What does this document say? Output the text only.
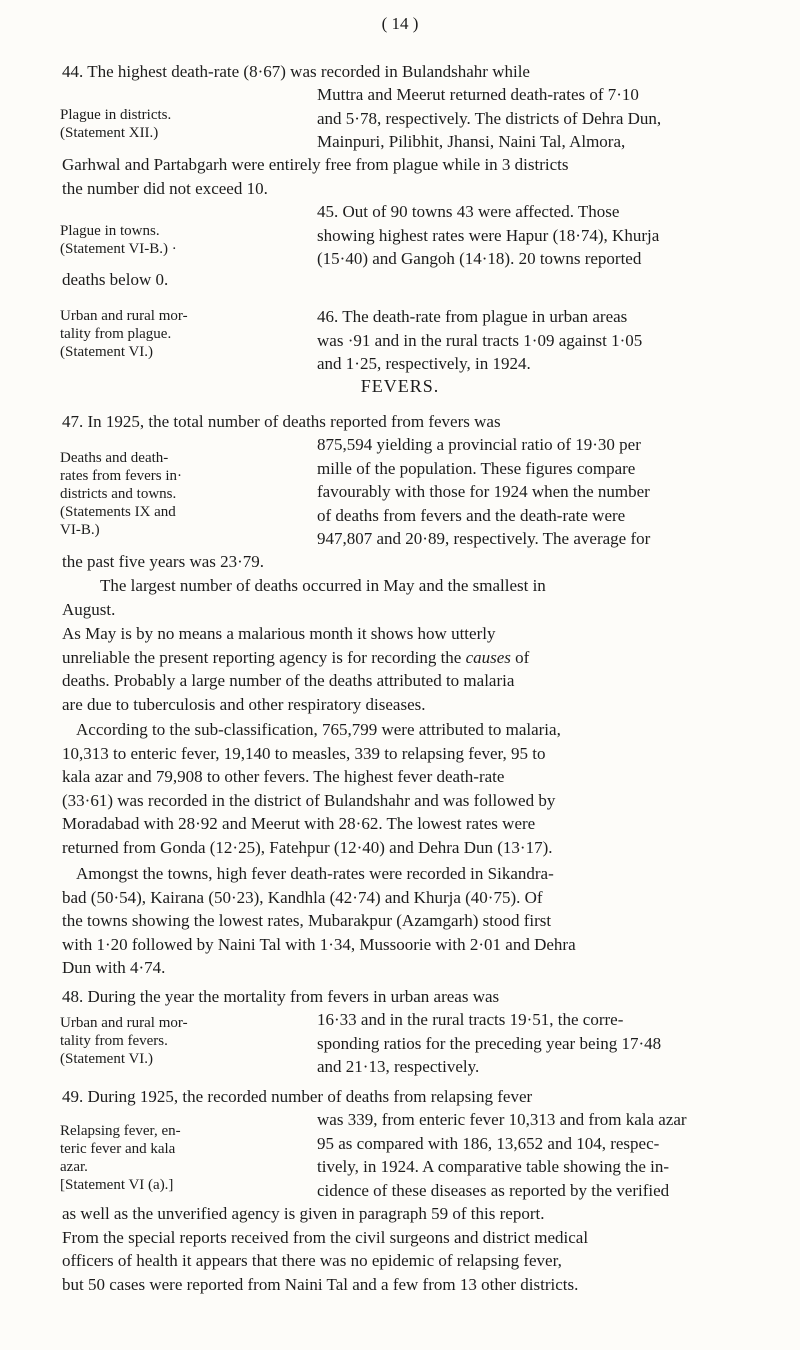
( 14 )
44. The highest death-rate (8·67) was recorded in Bulandshahr while
Muttra and Meerut returned death-rates of 7·10
and 5·78, respectively. The districts of Dehra Dun,
Mainpuri, Pilibhit, Jhansi, Naini Tal, Almora,
Plague in districts.
(Statement XII.)
Garhwal and Partabgarh were entirely free from plague while in 3 districts
the number did not exceed 10.
45. Out of 90 towns 43 were affected. Those
showing highest rates were Hapur (18·74), Khurja
(15·40) and Gangoh (14·18). 20 towns reported
Plague in towns.
(Statement VI-B.) ·
deaths below 0.
46. The death-rate from plague in urban areas
was ·91 and in the rural tracts 1·09 against 1·05
and 1·25, respectively, in 1924.
Urban and rural mor-
tality from plague.
(Statement VI.)
FEVERS.
47. In 1925, the total number of deaths reported from fevers was
875,594 yielding a provincial ratio of 19·30 per
mille of the population. These figures compare
favourably with those for 1924 when the number
of deaths from fevers and the death-rate were
947,807 and 20·89, respectively. The average for
Deaths and death-
rates from fevers in·
districts and towns.
(Statements IX and
VI-B.)
the past five years was 23·79.
The largest number of deaths occurred in May and the smallest in
August.
As May is by no means a malarious month it shows how utterly
unreliable the present reporting agency is for recording the causes of
deaths. Probably a large number of the deaths attributed to malaria
are due to tuberculosis and other respiratory diseases.
According to the sub-classification, 765,799 were attributed to malaria,
10,313 to enteric fever, 19,140 to measles, 339 to relapsing fever, 95 to
kala azar and 79,908 to other fevers. The highest fever death-rate
(33·61) was recorded in the district of Bulandshahr and was followed by
Moradabad with 28·92 and Meerut with 28·62. The lowest rates were
returned from Gonda (12·25), Fatehpur (12·40) and Dehra Dun (13·17).
Amongst the towns, high fever death-rates were recorded in Sikandra-
bad (50·54), Kairana (50·23), Kandhla (42·74) and Khurja (40·75). Of
the towns showing the lowest rates, Mubarakpur (Azamgarh) stood first
with 1·20 followed by Naini Tal with 1·34, Mussoorie with 2·01 and Dehra
Dun with 4·74.
48. During the year the mortality from fevers in urban areas was
16·33 and in the rural tracts 19·51, the corre-
sponding ratios for the preceding year being 17·48
and 21·13, respectively.
Urban and rural mor-
tality from fevers.
(Statement VI.)
49. During 1925, the recorded number of deaths from relapsing fever
was 339, from enteric fever 10,313 and from kala azar
95 as compared with 186, 13,652 and 104, respec-
tively, in 1924. A comparative table showing the in-
cidence of these diseases as reported by the verified
Relapsing fever, en-
teric fever and kala
azar.
[Statement VI (a).]
as well as the unverified agency is given in paragraph 59 of this report.
From the special reports received from the civil surgeons and district medical
officers of health it appears that there was no epidemic of relapsing fever,
but 50 cases were reported from Naini Tal and a few from 13 other districts.
